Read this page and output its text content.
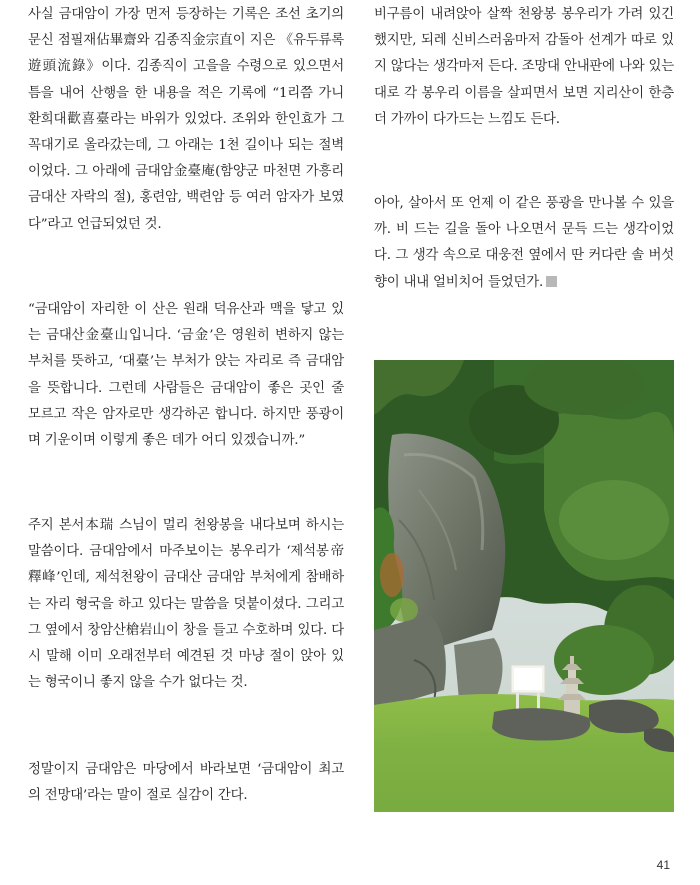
사실 금대암이 가장 먼저 등장하는 기록은 조선 초기의 문신 점필재佔畢齋와 김종직金宗直이 지은 《유두류록遊頭流錄》이다. 김종직이 고을을 수령으로 있으면서 틈을 내어 산행을 한 내용을 적은 기록에 “1리쯤 가니 환희대歡喜臺라는 바위가 있었다. 조위와 한인효가 그 꼭대기로 올라갔는데, 그 아래는 1천 길이나 되는 절벽이었다. 그 아래에 금대암金臺庵(함양군 마천면 가흥리 금대산 자락의 절), 홍련암, 백련암 등 여러 암자가 보였다”라고 언급되었던 것.

“금대암이 자리한 이 산은 원래 덕유산과 맥을 닿고 있는 금대산金臺山입니다. ‘금金’은 영원히 변하지 않는 부처를 뜻하고, ‘대臺’는 부처가 앉는 자리로 즉 금대암을 뜻합니다. 그런데 사람들은 금대암이 좋은 곳인 줄 모르고 작은 암자로만 생각하곤 합니다. 하지만 풍광이며 기운이며 이렇게 좋은 데가 어디 있겠습니까.”

주지 본서本瑞 스님이 멀리 천왕봉을 내다보며 하시는 말씀이다. 금대암에서 마주보이는 봉우리가 ‘제석봉帝釋峰’인데, 제석천왕이 금대산 금대암 부처에게 참배하는 자리 형국을 하고 있다는 말씀을 덧붙이셨다. 그리고 그 옆에서 창암산槍岩山이 창을 들고 수호하며 있다. 다시 말해 이미 오래전부터 예견된 것 마냥 절이 앉아 있는 형국이니 좋지 않을 수가 없다는 것.

정말이지 금대암은 마당에서 바라보면 ‘금대암이 최고의 전망대’라는 말이 절로 실감이 간다.

비구름이 내려앉아 살짝 천왕봉 봉우리가 가려 있긴 했지만, 되레 신비스러움마저 감돌아 선계가 따로 있지 않다는 생각마저 든다. 조망대 안내판에 나와 있는 대로 각 봉우리 이름을 살피면서 보면 지리산이 한층 더 가까이 다가드는 느낌도 든다.

아아, 살아서 또 언제 이 같은 풍광을 만나볼 수 있을까. 비 드는 길을 돌아 나오면서 문득 드는 생각이었다. 그 생각 속으로 대웅전 옆에서 딴 커다란 솔 버섯 향이 내내 얼비치어 들었던가.

41
